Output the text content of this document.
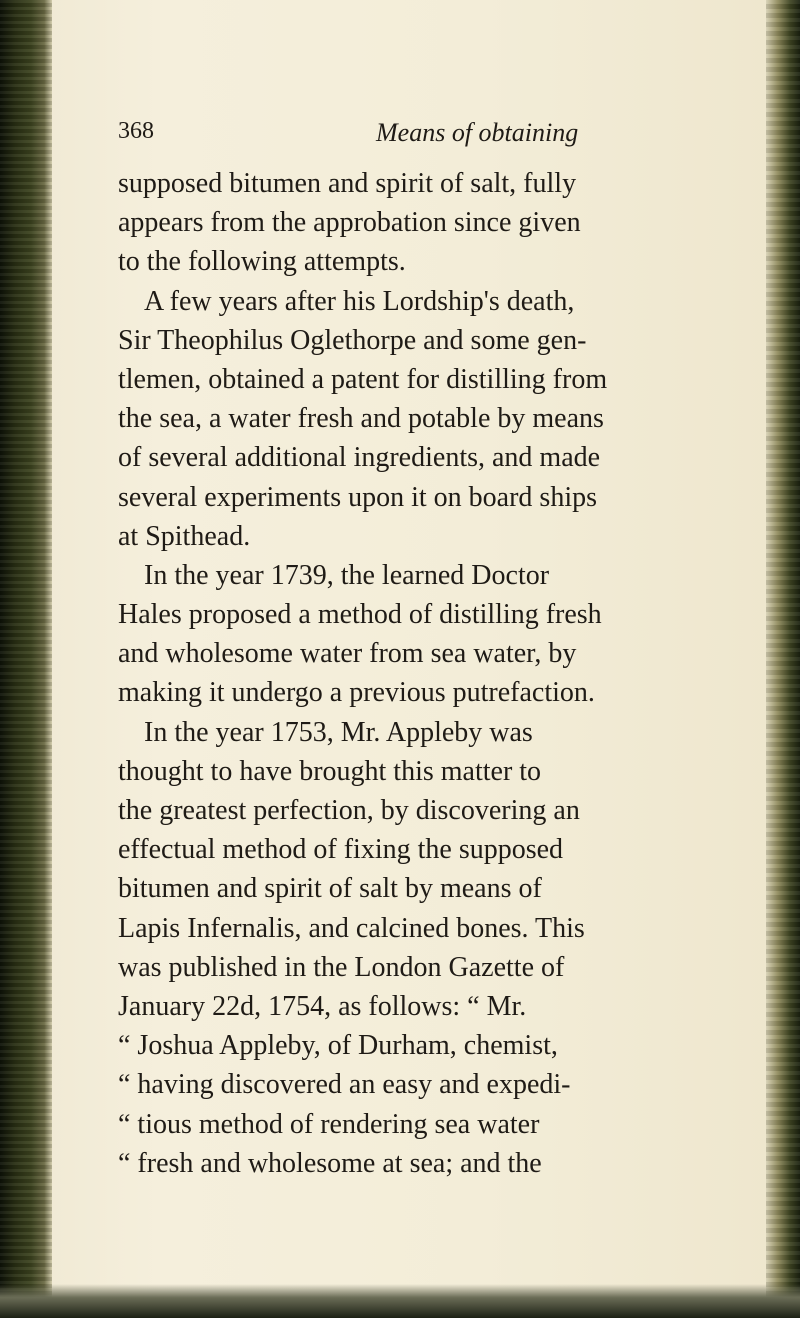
368	Means of obtaining
supposed bitumen and spirit of salt, fully
appears from the approbation since given
to the following attempts.
A few years after his Lordship's death,
Sir Theophilus Oglethorpe and some gen-
tlemen, obtained a patent for distilling from
the sea, a water fresh and potable by means
of several additional ingredients, and made
several experiments upon it on board ships
at Spithead.
In the year 1739, the learned Doctor
Hales proposed a method of distilling fresh
and wholesome water from sea water, by
making it undergo a previous putrefaction.
In the year 1753, Mr. Appleby was
thought to have brought this matter to
the greatest perfection, by discovering an
effectual method of fixing the supposed
bitumen and spirit of salt by means of
Lapis Infernalis, and calcined bones. This
was published in the London Gazette of
January 22d, 1754, as follows: “ Mr.
“ Joshua Appleby, of Durham, chemist,
“ having discovered an easy and expedi-
“ tious method of rendering sea water
“ fresh and wholesome at sea; and the
